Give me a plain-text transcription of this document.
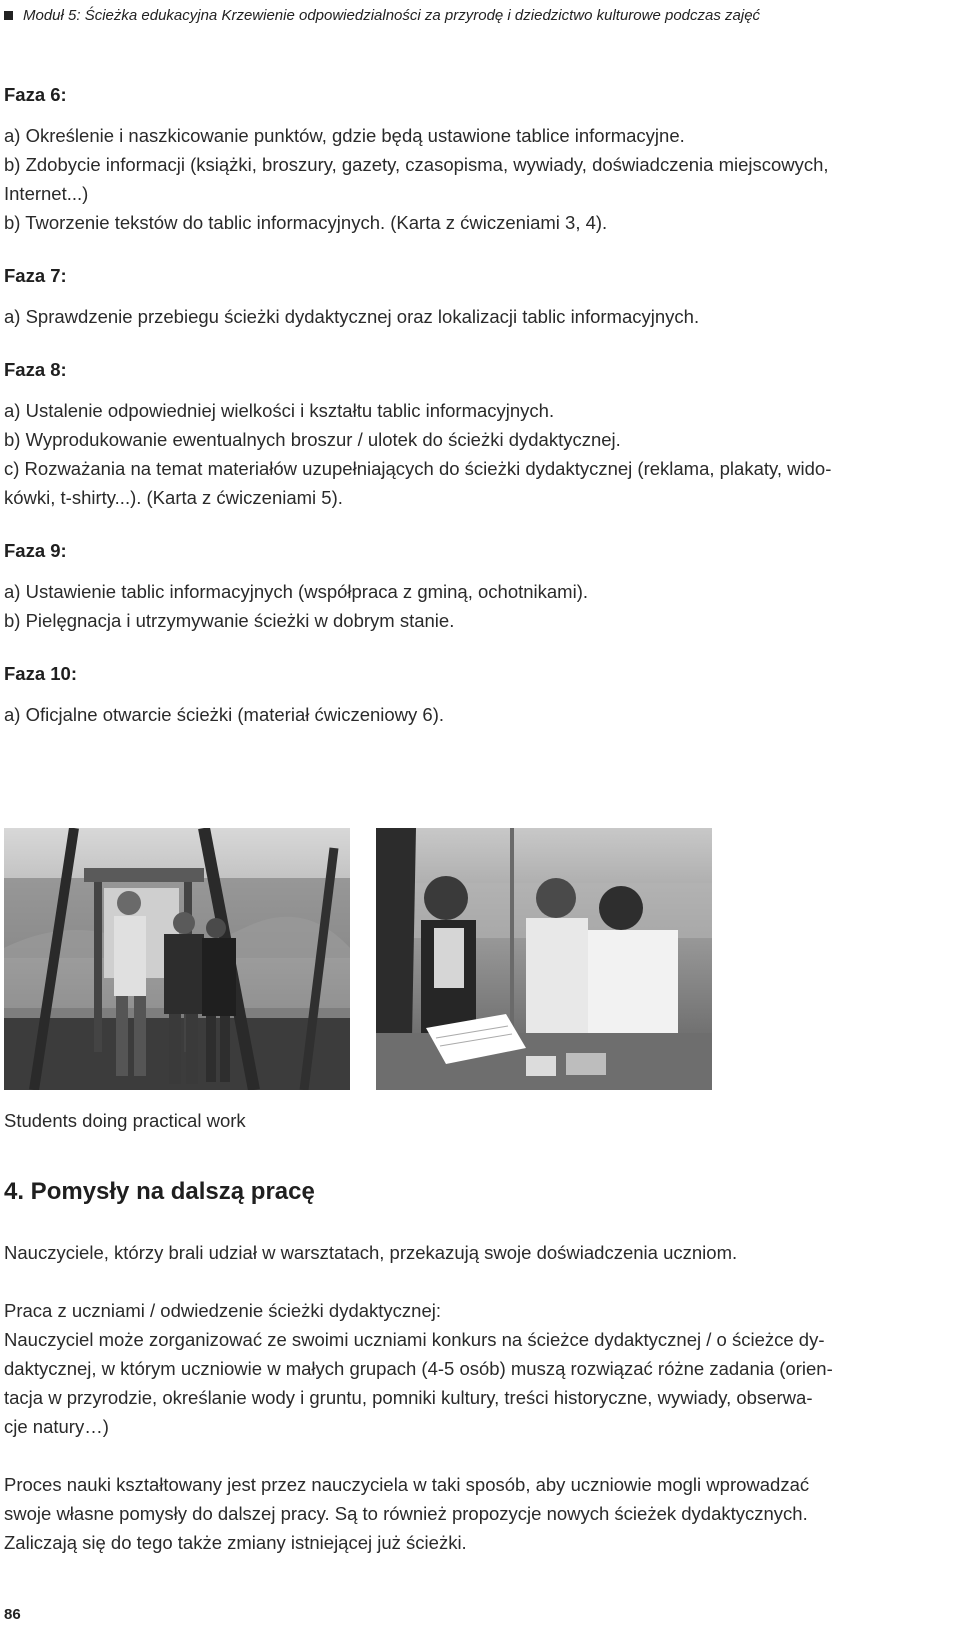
Moduł 5: Ścieżka edukacyjna Krzewienie odpowiedzialności za przyrodę i dziedzictwo kulturowe podczas zajęć
Faza 6:

a) Określenie i naszkicowanie punktów, gdzie będą ustawione tablice informacyjne.

b) Zdobycie informacji (książki, broszury, gazety, czasopisma, wywiady, doświadczenia miejscowych,

Internet...)

b) Tworzenie tekstów do tablic informacyjnych. (Karta z ćwiczeniami 3, 4).

Faza 7:

a) Sprawdzenie przebiegu ścieżki dydaktycznej oraz lokalizacji tablic informacyjnych.

Faza 8:

a) Ustalenie odpowiedniej wielkości i kształtu tablic informacyjnych.

b) Wyprodukowanie ewentualnych broszur / ulotek do ścieżki dydaktycznej.

c) Rozważania na temat materiałów uzupełniających do ścieżki dydaktycznej (reklama, plakaty, wido-

kówki, t-shirty...). (Karta z ćwiczeniami 5).

Faza 9:

a) Ustawienie tablic informacyjnych (współpraca z gminą, ochotnikami).

b) Pielęgnacja i utrzymywanie ścieżki w dobrym stanie.

Faza 10:

a) Oficjalne otwarcie ścieżki (materiał ćwiczeniowy 6).

Students doing practical work
4. Pomysły na dalszą pracę

Nauczyciele, którzy brali udział w warsztatach, przekazują swoje doświadczenia uczniom.

Praca z uczniami / odwiedzenie ścieżki dydaktycznej:

Nauczyciel może zorganizować ze swoimi uczniami konkurs na ścieżce dydaktycznej / o ścieżce dy-

daktycznej, w którym uczniowie w małych grupach (4-5 osób) muszą rozwiązać różne zadania (orien-

tacja w przyrodzie, określanie wody i gruntu, pomniki kultury, treści historyczne, wywiady, obserwa-

cje natury…)

Proces nauki kształtowany jest przez nauczyciela w taki sposób, aby uczniowie mogli wprowadzać

swoje własne pomysły do dalszej pracy. Są to również propozycje nowych ścieżek dydaktycznych.

Zaliczają się do tego także zmiany istniejącej już ścieżki.

86
